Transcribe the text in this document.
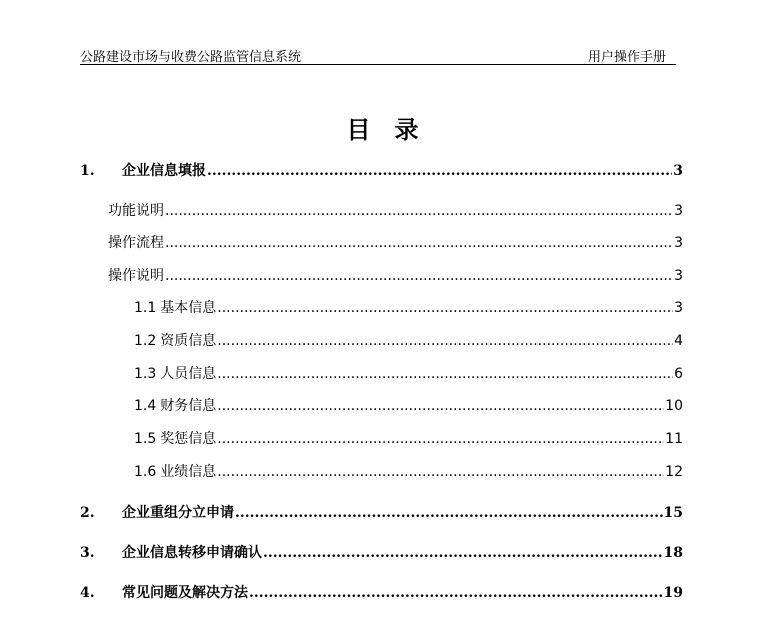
公路建设市场与收费公路监管信息系统	用户操作手册
目 录
1.	企业信息填报 .....	3
功能说明 .....	3
操作流程 .....	3
操作说明 .....	3
1.1 基本信息 .....	3
1.2 资质信息 .....	4
1.3 人员信息 .....	6
1.4 财务信息 .....	10
1.5 奖惩信息 .....	11
1.6 业绩信息 .....	12
2.	企业重组分立申请 .....	15
3.	企业信息转移申请确认 .....	18
4.	常见问题及解决方法 .....	19
